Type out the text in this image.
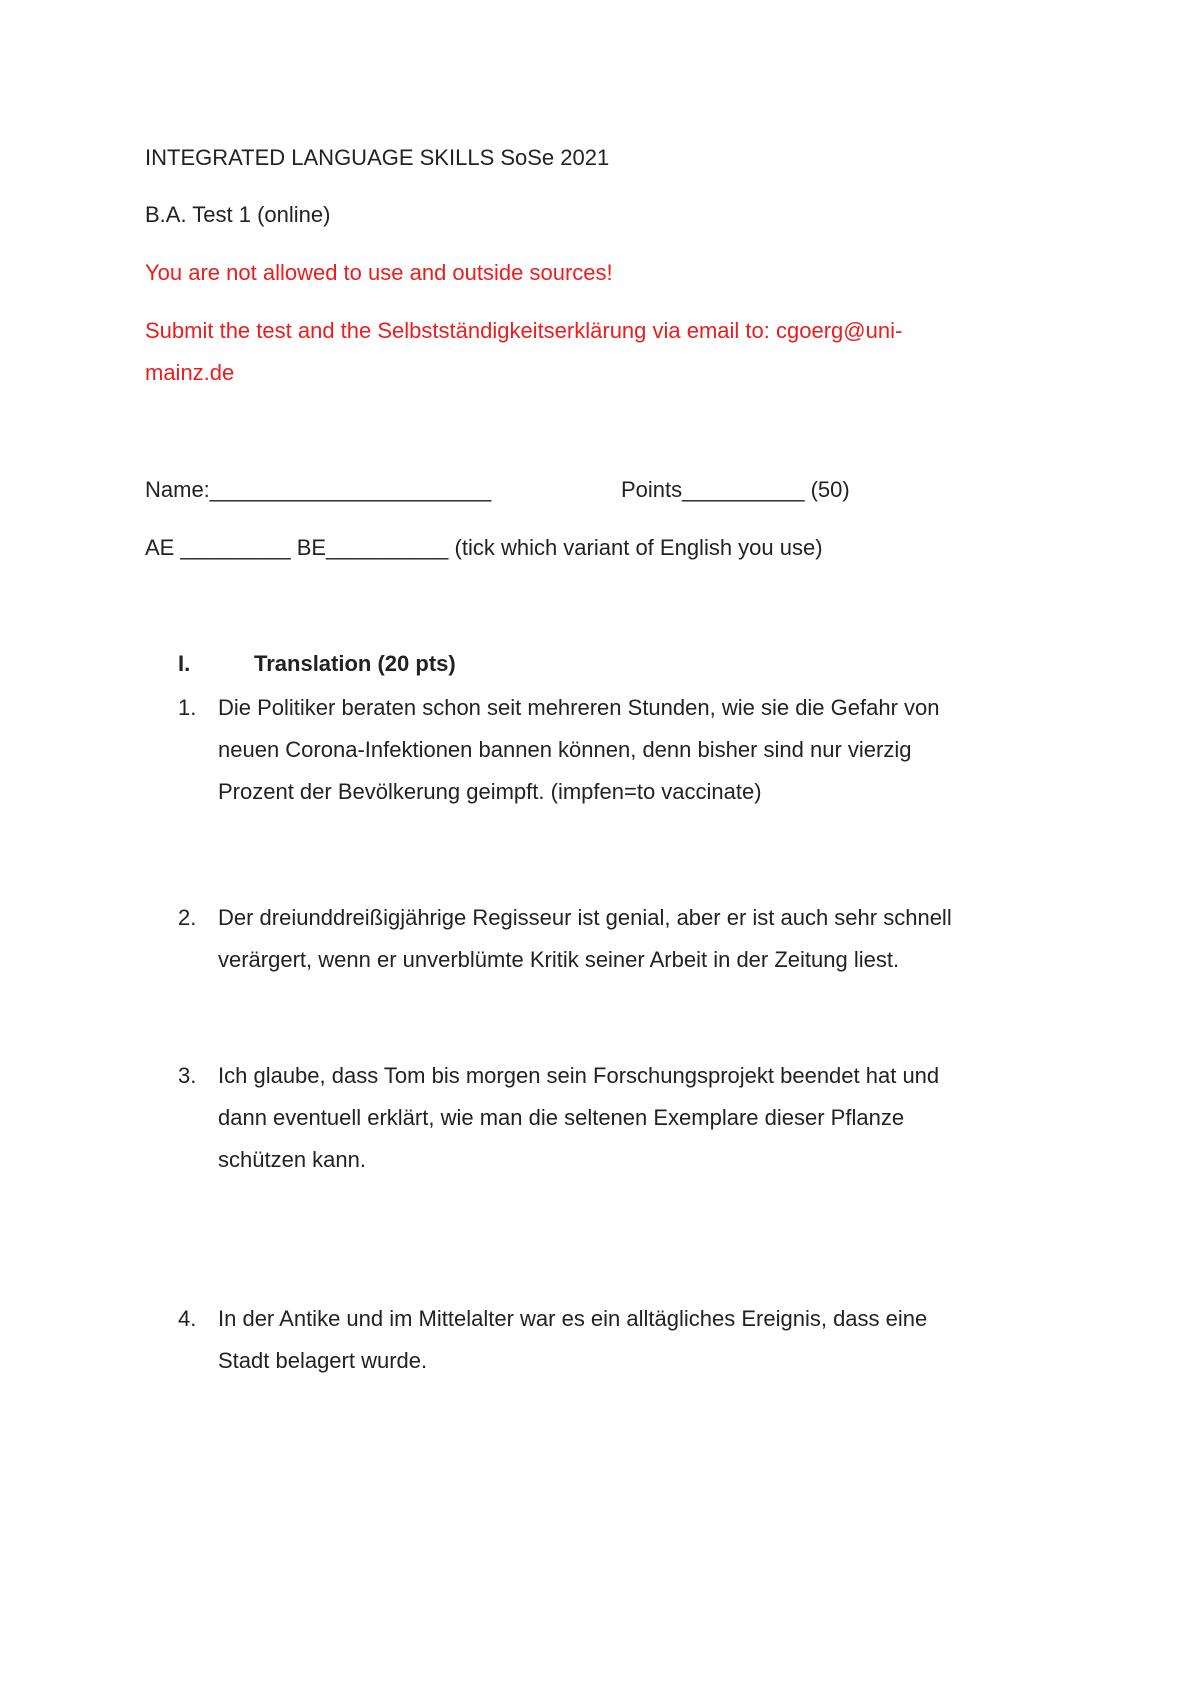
INTEGRATED LANGUAGE SKILLS SoSe 2021
B.A. Test 1 (online)
You are not allowed to use and outside sources!
Submit the test and the Selbstständigkeitserklärung via email to: cgoerg@uni-
mainz.de
Name:_______________________	Points__________ (50)
AE _________ BE__________ (tick which variant of English you use)
I.	Translation (20 pts)
1. Die Politiker beraten schon seit mehreren Stunden, wie sie die Gefahr von
neuen Corona-Infektionen bannen können, denn bisher sind nur vierzig
Prozent der Bevölkerung geimpft. (impfen=to vaccinate)
2. Der dreiunddreißigjährige Regisseur ist genial, aber er ist auch sehr schnell
verärgert, wenn er unverblümte Kritik seiner Arbeit in der Zeitung liest.
3. Ich glaube, dass Tom bis morgen sein Forschungsprojekt beendet hat und
dann eventuell erklärt, wie man die seltenen Exemplare dieser Pflanze
schützen kann.
4. In der Antike und im Mittelalter war es ein alltägliches Ereignis, dass eine
Stadt belagert wurde.
